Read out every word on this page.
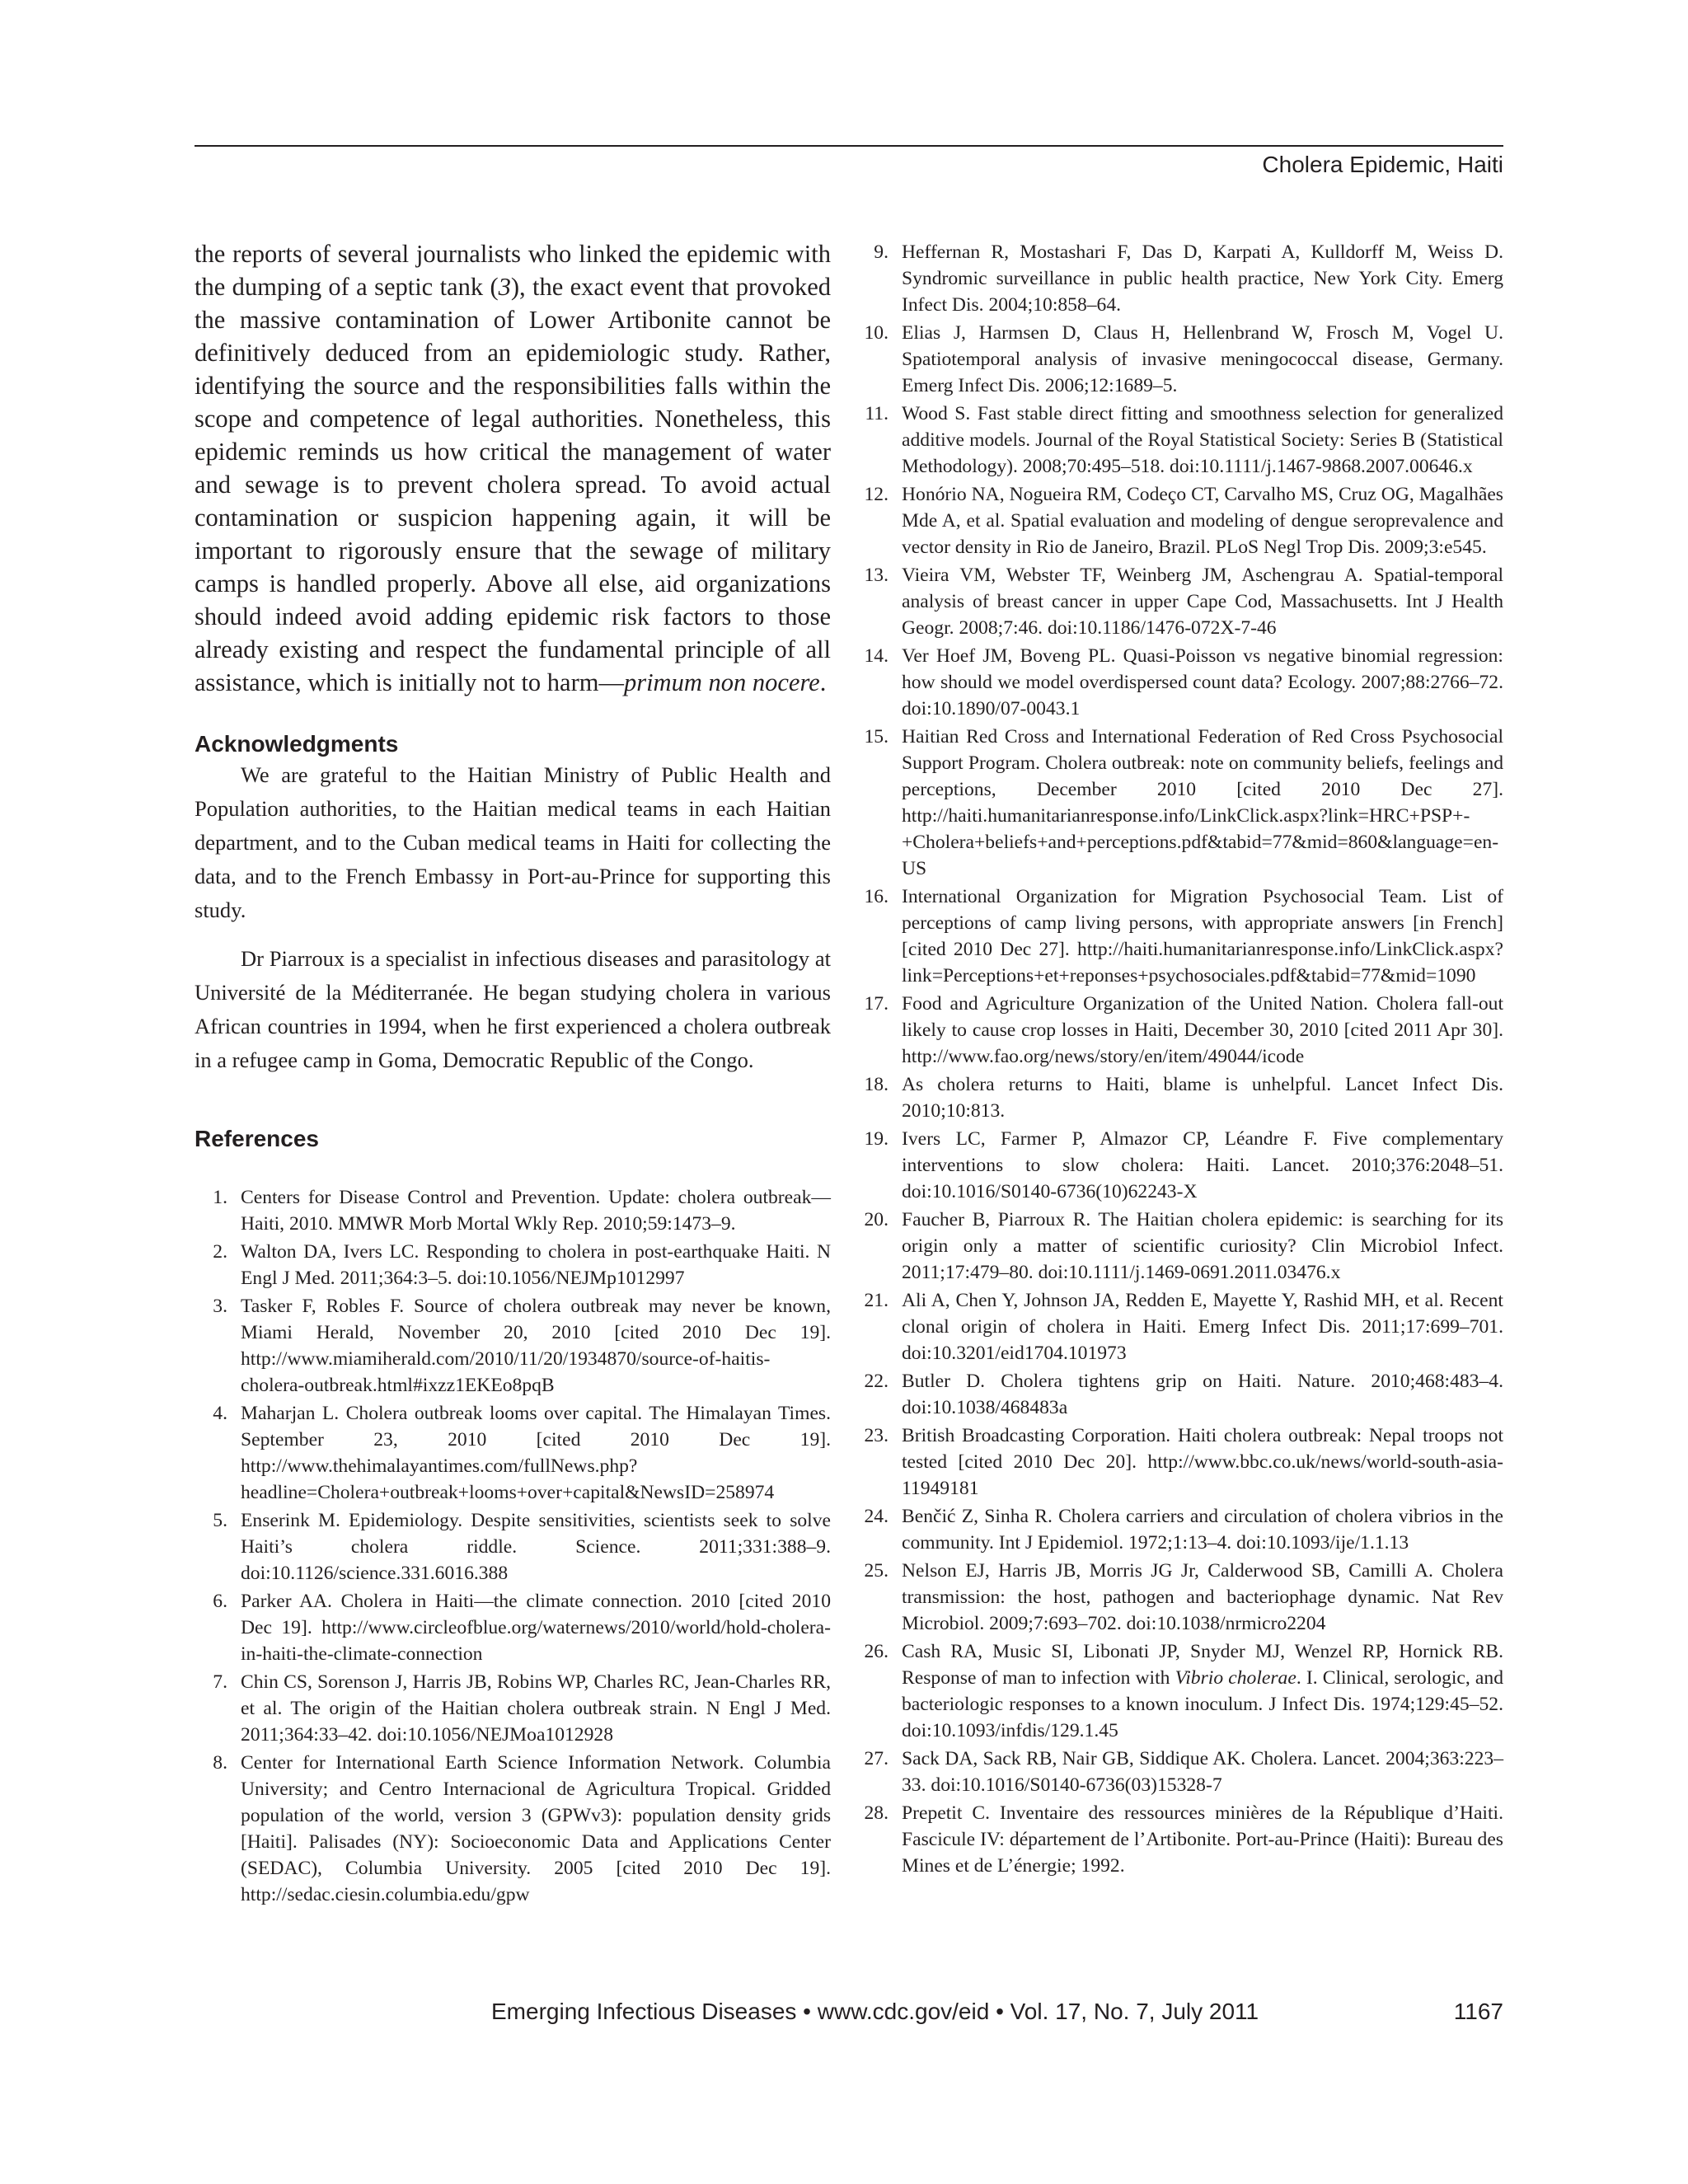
Cholera Epidemic, Haiti

the reports of several journalists who linked the epidemic with the dumping of a septic tank (3), the exact event that provoked the massive contamination of Lower Artibonite cannot be definitively deduced from an epidemiologic study. Rather, identifying the source and the responsibilities falls within the scope and competence of legal authorities. Nonetheless, this epidemic reminds us how critical the management of water and sewage is to prevent cholera spread. To avoid actual contamination or suspicion happening again, it will be important to rigorously ensure that the sewage of military camps is handled properly. Above all else, aid organizations should indeed avoid adding epidemic risk factors to those already existing and respect the fundamental principle of all assistance, which is initially not to harm—primum non nocere.

Acknowledgments

We are grateful to the Haitian Ministry of Public Health and Population authorities, to the Haitian medical teams in each Haitian department, and to the Cuban medical teams in Haiti for collecting the data, and to the French Embassy in Port-au-Prince for supporting this study.

Dr Piarroux is a specialist in infectious diseases and parasitology at Université de la Méditerranée. He began studying cholera in various African countries in 1994, when he first experienced a cholera outbreak in a refugee camp in Goma, Democratic Republic of the Congo.

References
1. Centers for Disease Control and Prevention. Update: cholera outbreak—Haiti, 2010. MMWR Morb Mortal Wkly Rep. 2010;59:1473–9.
2. Walton DA, Ivers LC. Responding to cholera in post-earthquake Haiti. N Engl J Med. 2011;364:3–5. doi:10.1056/NEJMp1012997
3. Tasker F, Robles F. Source of cholera outbreak may never be known, Miami Herald, November 20, 2010 [cited 2010 Dec 19]. http://www.miamiherald.com/2010/11/20/1934870/source-of-haitis-cholera-outbreak.html#ixzz1EKEo8pqB
4. Maharjan L. Cholera outbreak looms over capital. The Himalayan Times. September 23, 2010 [cited 2010 Dec 19]. http://www.thehimalayantimes.com/fullNews.php?headline=Cholera+outbreak+looms+over+capital&NewsID=258974
5. Enserink M. Epidemiology. Despite sensitivities, scientists seek to solve Haiti’s cholera riddle. Science. 2011;331:388–9. doi:10.1126/science.331.6016.388
6. Parker AA. Cholera in Haiti—the climate connection. 2010 [cited 2010 Dec 19]. http://www.circleofblue.org/waternews/2010/world/hold-cholera-in-haiti-the-climate-connection
7. Chin CS, Sorenson J, Harris JB, Robins WP, Charles RC, Jean-Charles RR, et al. The origin of the Haitian cholera outbreak strain. N Engl J Med. 2011;364:33–42. doi:10.1056/NEJMoa1012928
8. Center for International Earth Science Information Network. Columbia University; and Centro Internacional de Agricultura Tropical. Gridded population of the world, version 3 (GPWv3): population density grids [Haiti]. Palisades (NY): Socioeconomic Data and Applications Center (SEDAC), Columbia University. 2005 [cited 2010 Dec 19]. http://sedac.ciesin.columbia.edu/gpw
9. Heffernan R, Mostashari F, Das D, Karpati A, Kulldorff M, Weiss D. Syndromic surveillance in public health practice, New York City. Emerg Infect Dis. 2004;10:858–64.
10. Elias J, Harmsen D, Claus H, Hellenbrand W, Frosch M, Vogel U. Spatiotemporal analysis of invasive meningococcal disease, Germany. Emerg Infect Dis. 2006;12:1689–5.
11. Wood S. Fast stable direct fitting and smoothness selection for generalized additive models. Journal of the Royal Statistical Society: Series B (Statistical Methodology). 2008;70:495–518. doi:10.1111/j.1467-9868.2007.00646.x
12. Honório NA, Nogueira RM, Codeço CT, Carvalho MS, Cruz OG, Magalhães Mde A, et al. Spatial evaluation and modeling of dengue seroprevalence and vector density in Rio de Janeiro, Brazil. PLoS Negl Trop Dis. 2009;3:e545.
13. Vieira VM, Webster TF, Weinberg JM, Aschengrau A. Spatial-temporal analysis of breast cancer in upper Cape Cod, Massachusetts. Int J Health Geogr. 2008;7:46. doi:10.1186/1476-072X-7-46
14. Ver Hoef JM, Boveng PL. Quasi-Poisson vs negative binomial regression: how should we model overdispersed count data? Ecology. 2007;88:2766–72. doi:10.1890/07-0043.1
15. Haitian Red Cross and International Federation of Red Cross Psychosocial Support Program. Cholera outbreak: note on community beliefs, feelings and perceptions, December 2010 [cited 2010 Dec 27]. http://haiti.humanitarianresponse.info/LinkClick.aspx?link=HRC+PSP+-+Cholera+beliefs+and+perceptions.pdf&tabid=77&mid=860&language=en-US
16. International Organization for Migration Psychosocial Team. List of perceptions of camp living persons, with appropriate answers [in French] [cited 2010 Dec 27]. http://haiti.humanitarianresponse.info/LinkClick.aspx?link=Perceptions+et+reponses+psychosociales.pdf&tabid=77&mid=1090
17. Food and Agriculture Organization of the United Nation. Cholera fall-out likely to cause crop losses in Haiti, December 30, 2010 [cited 2011 Apr 30]. http://www.fao.org/news/story/en/item/49044/icode
18. As cholera returns to Haiti, blame is unhelpful. Lancet Infect Dis. 2010;10:813.
19. Ivers LC, Farmer P, Almazor CP, Léandre F. Five complementary interventions to slow cholera: Haiti. Lancet. 2010;376:2048–51. doi:10.1016/S0140-6736(10)62243-X
20. Faucher B, Piarroux R. The Haitian cholera epidemic: is searching for its origin only a matter of scientific curiosity? Clin Microbiol Infect. 2011;17:479–80. doi:10.1111/j.1469-0691.2011.03476.x
21. Ali A, Chen Y, Johnson JA, Redden E, Mayette Y, Rashid MH, et al. Recent clonal origin of cholera in Haiti. Emerg Infect Dis. 2011;17:699–701. doi:10.3201/eid1704.101973
22. Butler D. Cholera tightens grip on Haiti. Nature. 2010;468:483–4. doi:10.1038/468483a
23. British Broadcasting Corporation. Haiti cholera outbreak: Nepal troops not tested [cited 2010 Dec 20]. http://www.bbc.co.uk/news/world-south-asia-11949181
24. Benčić Z, Sinha R. Cholera carriers and circulation of cholera vibrios in the community. Int J Epidemiol. 1972;1:13–4. doi:10.1093/ije/1.1.13
25. Nelson EJ, Harris JB, Morris JG Jr, Calderwood SB, Camilli A. Cholera transmission: the host, pathogen and bacteriophage dynamic. Nat Rev Microbiol. 2009;7:693–702. doi:10.1038/nrmicro2204
26. Cash RA, Music SI, Libonati JP, Snyder MJ, Wenzel RP, Hornick RB. Response of man to infection with Vibrio cholerae. I. Clinical, serologic, and bacteriologic responses to a known inoculum. J Infect Dis. 1974;129:45–52. doi:10.1093/infdis/129.1.45
27. Sack DA, Sack RB, Nair GB, Siddique AK. Cholera. Lancet. 2004;363:223–33. doi:10.1016/S0140-6736(03)15328-7
28. Prepetit C. Inventaire des ressources minières de la République d’Haiti. Fascicule IV: département de l’Artibonite. Port-au-Prince (Haiti): Bureau des Mines et de L’énergie; 1992.
Emerging Infectious Diseases • www.cdc.gov/eid • Vol. 17, No. 7, July 2011	1167
